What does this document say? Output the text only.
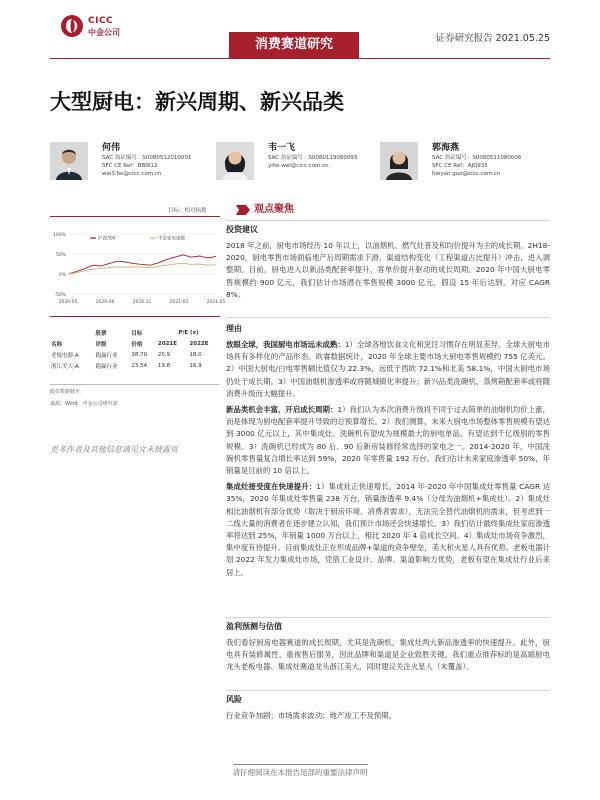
CICC
中金公司
消费赛道研究	证券研究报告 2021.05.25
大型厨电：新兴周期、新兴品类
何伟
SAC 执证编号：S0080512010001
SFC CE Ref：BBI812
wei3.he@cicc.com.cn
韦一飞
SAC 执证编号：S0080119080093
yifei.wei@cicc.com.cn
郭海燕
SAC 执证编号：S0080511080006
SFC CE Ref：AJQ935
haiyan.guo@cicc.com.cn
目标：相对指数
沪深300	中金家电指数
2020-05	2020-08	2020-11	2021-02	2021-05
100%
50%
0%
-50%
	股票	目标	P/E (x)	
名称	评级	价格	2021E	2022E
老板电器-A	跑赢行业	38.70	20.9	18.0
浙江美大-A	跑赢行业	23.54	19.8	16.9
股价数据截至：
来源：Wind，中金公司研究部
更多作者及其他信息请见文末披露页
观点聚焦
投资建议
2018 年之前，厨电市场经历 10 年以上，以油烟机、燃气灶普及和均价提升为主的成长期。2H18-2020，厨电零售市场面临地产后周期需求下滑、渠道结构变化（工程渠道占比提升）冲击，进入调整期。目前，厨电进入以新品类配套率提升、客单价提升驱动的成长周期。2020 年中国大厨电零售规模约 900 亿元，我们估计市场潜在零售规模 3000 亿元，假设 15 年后达到，对应 CAGR 8%。
理由
放眼全球，我国厨电市场远未成熟：1）全球各地饮食文化和烹饪习惯存在明显差异，全球大厨电市场具有多样化的产品形态。欧睿数据统计，2020 年全球主要市场大厨电零售规模约 755 亿美元。2）中国大厨电/白电零售额比值仅为 22.3%，远低于西欧 72.1%和北美 58.1%，中国大厨电市场仍处于成长期。3）中国油烟机渗透率或将随城镇化率提升；新兴品类洗碗机、蒸烤箱配套率或将随消费升级而大幅提升。
新品类机会丰富，开启成长周期：1）我们认为本次消费升级将不同于过去简单的油烟机均价上涨，而是体现为厨电配套率提升导致的总预算增长。2）我们测算，未来大厨电市场整体零售规模有望达到 3000 亿元以上，其中集成灶、洗碗机有望成为规模最大的厨电单品，有望达到千亿级别的零售规模。3）洗碗机已经成为 80 后、90 后新房装修经常选择的家电之一。2014-2020 年，中国洗碗机零售量复合增长率达到 59%，2020 年零售量 192 万台。我们估计未来家庭渗透率 50%，年销量是目前的 10 倍以上。
集成灶接受度在快速提升：1）集成灶正快速增长。2014 年-2020 年中国集成灶零售量 CAGR 达 35%，2020 年集成灶零售量 238 万台，销量渗透率 9.4%（分母为油烟机+集成灶）。2）集成灶相比油烟机有部分优势（取决于厨房环境、消费者需求），无法完全替代油烟机的需求，但考虑到一二线大量的消费者在逐步建立认知，我们预计市场还会快速增长。3）我们估计最终集成灶家庭渗透率将达到 25%，年销量 1000 万台以上，相比 2020 年 4 倍成长空间。4）集成灶市场竞争激烈，集中度有待提升。目前集成灶正在形成品牌+渠道的竞争壁垒，美大和火星人具有优势。老板电器计划 2022 年发力集成灶市场，凭借工业设计、品牌、渠道影响力优势，老板有望在集成灶行业后来居上。
盈利预测与估值
我们看好厨房电器赛道的成长周期，尤其是洗碗机、集成灶两大新品渗透率的快速提升。此外，厨电具有装修属性、重视售后服务，因此品牌和渠道是企业致胜关键。我们重点推荐标的是高端厨电龙头老板电器、集成灶赛道龙头浙江美大，同时建议关注火星人（未覆盖）。
风险
行业竞争加剧；市场需求波动；地产竣工不及预期。
请仔细阅读在本报告尾部的重要法律声明
